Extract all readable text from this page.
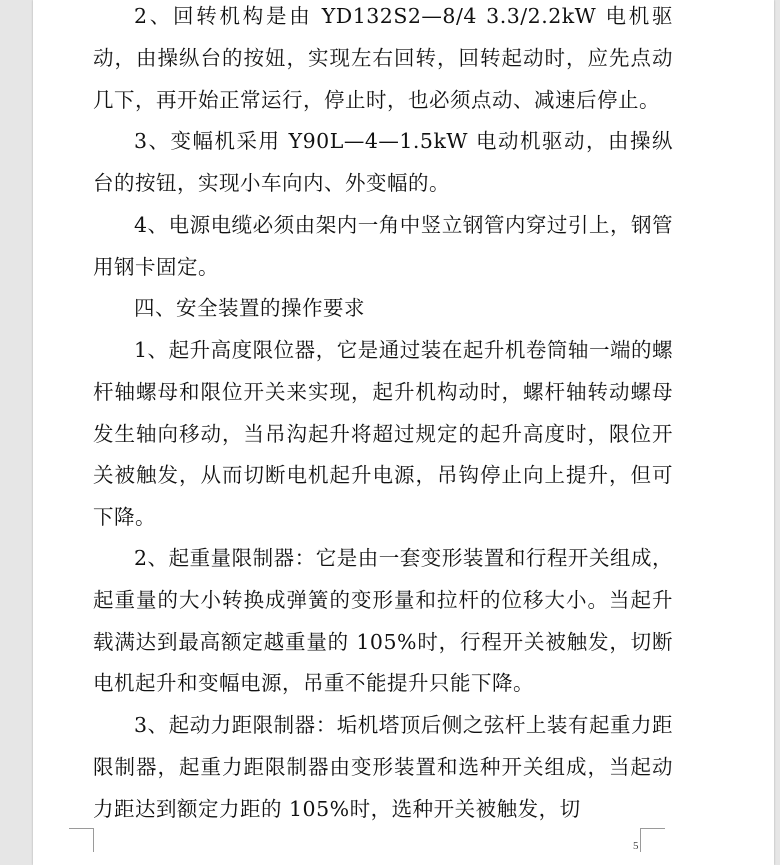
2、回转机构是由 YD132S2—8/4 3.3/2.2kW 电机驱动，由操纵台的按妞，实现左右回转，回转起动时，应先点动几下，再开始正常运行，停止时，也必须点动、减速后停止。

3、变幅机采用 Y90L—4—1.5kW 电动机驱动，由操纵台的按钮，实现小车向内、外变幅的。

4、电源电缆必须由架内一角中竖立钢管内穿过引上，钢管用钢卡固定。

四、安全装置的操作要求

1、起升高度限位器，它是通过装在起升机卷筒轴一端的螺杆轴螺母和限位开关来实现，起升机构动时，螺杆轴转动螺母发生轴向移动，当吊沟起升将超过规定的起升高度时，限位开关被触发，从而切断电机起升电源，吊钩停止向上提升，但可下降。

2、起重量限制器：它是由一套变形装置和行程开关组成，起重量的大小转换成弹簧的变形量和拉杆的位移大小。当起升载满达到最高额定越重量的 105%时，行程开关被触发，切断电机起升和变幅电源，吊重不能提升只能下降。

3、起动力距限制器：垢机塔顶后侧之弦杆上装有起重力距限制器，起重力距限制器由变形装置和选种开关组成，当起动力距达到额定力距的 105%时，选种开关被触发，切

5
